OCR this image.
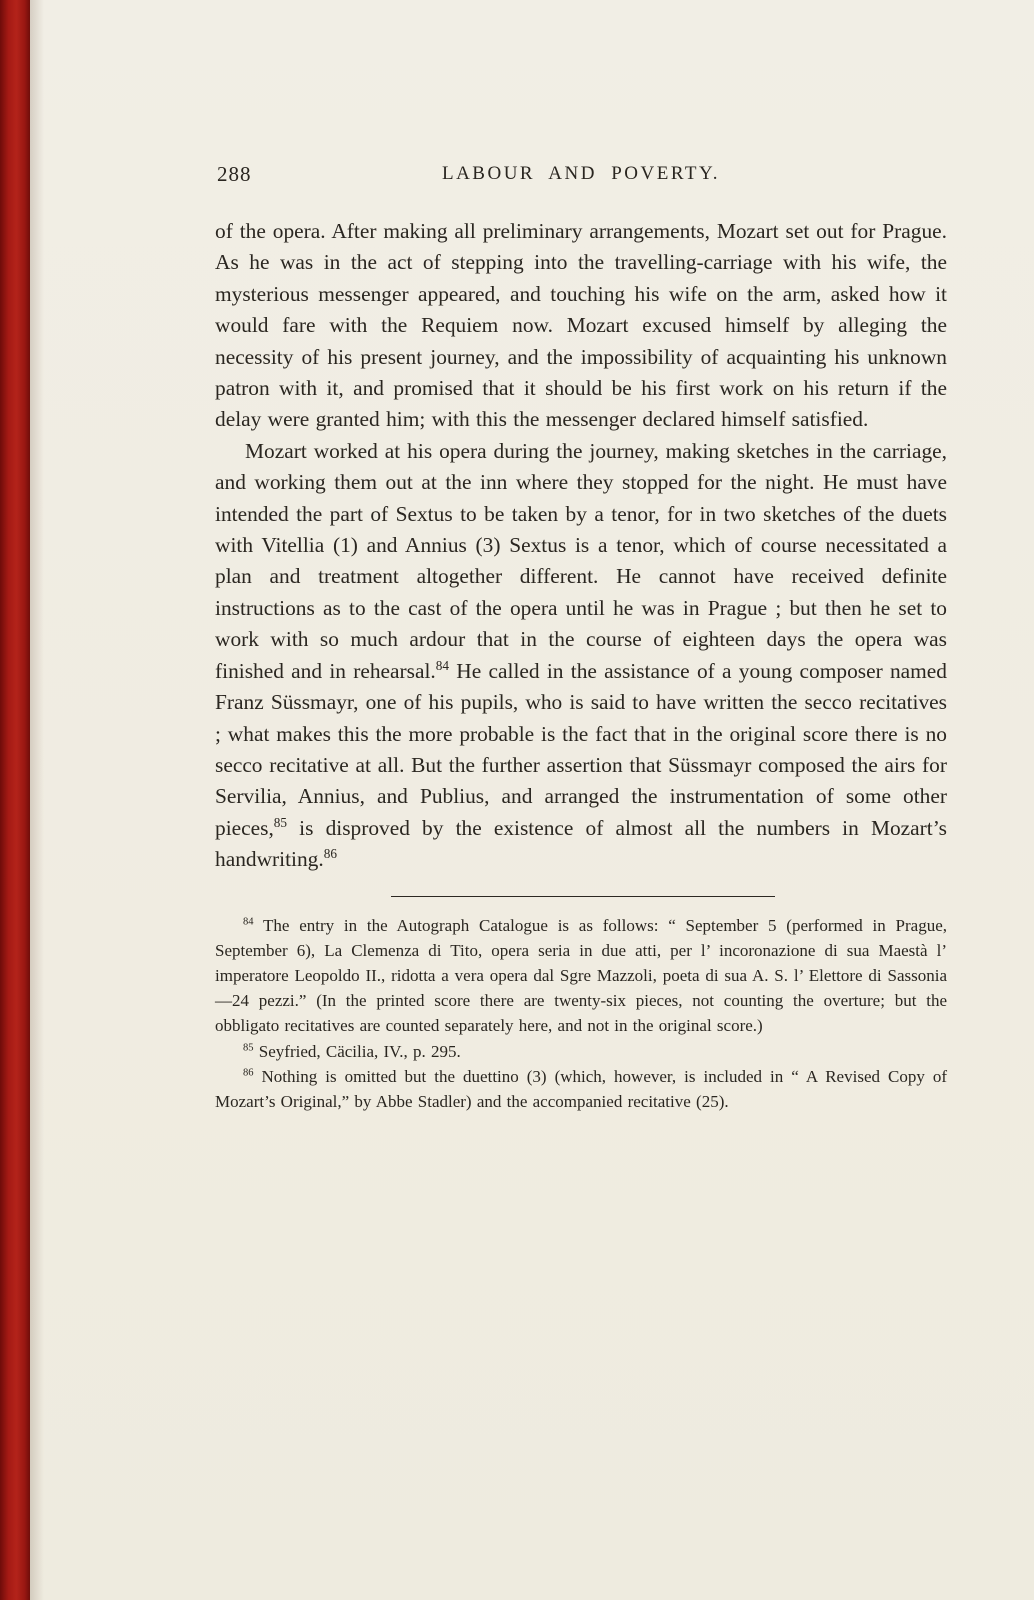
288	LABOUR AND POVERTY.

of the opera. After making all preliminary arrangements, Mozart set out for Prague. As he was in the act of stepping into the travelling-carriage with his wife, the mysterious messenger appeared, and touching his wife on the arm, asked how it would fare with the Requiem now. Mozart excused himself by alleging the necessity of his present journey, and the impossibility of acquainting his unknown patron with it, and promised that it should be his first work on his return if the delay were granted him; with this the messenger declared himself satisfied.

Mozart worked at his opera during the journey, making sketches in the carriage, and working them out at the inn where they stopped for the night. He must have intended the part of Sextus to be taken by a tenor, for in two sketches of the duets with Vitellia (1) and Annius (3) Sextus is a tenor, which of course necessitated a plan and treatment altogether different. He cannot have received definite instructions as to the cast of the opera until he was in Prague ; but then he set to work with so much ardour that in the course of eighteen days the opera was finished and in rehearsal.$^{84}$ He called in the assistance of a young composer named Franz Süssmayr, one of his pupils, who is said to have written the secco recitatives ; what makes this the more probable is the fact that in the original score there is no secco recitative at all. But the further assertion that Süssmayr composed the airs for Servilia, Annius, and Publius, and arranged the instrumentation of some other pieces,$^{85}$ is disproved by the existence of almost all the numbers in Mozart’s handwriting.$^{86}$

$^{84}$ The entry in the Autograph Catalogue is as follows: “ September 5 (performed in Prague, September 6), La Clemenza di Tito, opera seria in due atti, per l’ incoronazione di sua Maestà l’ imperatore Leopoldo II., ridotta a vera opera dal Sgre Mazzoli, poeta di sua A. S. l’ Elettore di Sassonia—24 pezzi.” (In the printed score there are twenty-six pieces, not counting the overture; but the obbligato recitatives are counted separately here, and not in the original score.)

$^{85}$ Seyfried, Cäcilia, IV., p. 295.

$^{86}$ Nothing is omitted but the duettino (3) (which, however, is included in “ A Revised Copy of Mozart’s Original,” by Abbe Stadler) and the accompanied recitative (25).
